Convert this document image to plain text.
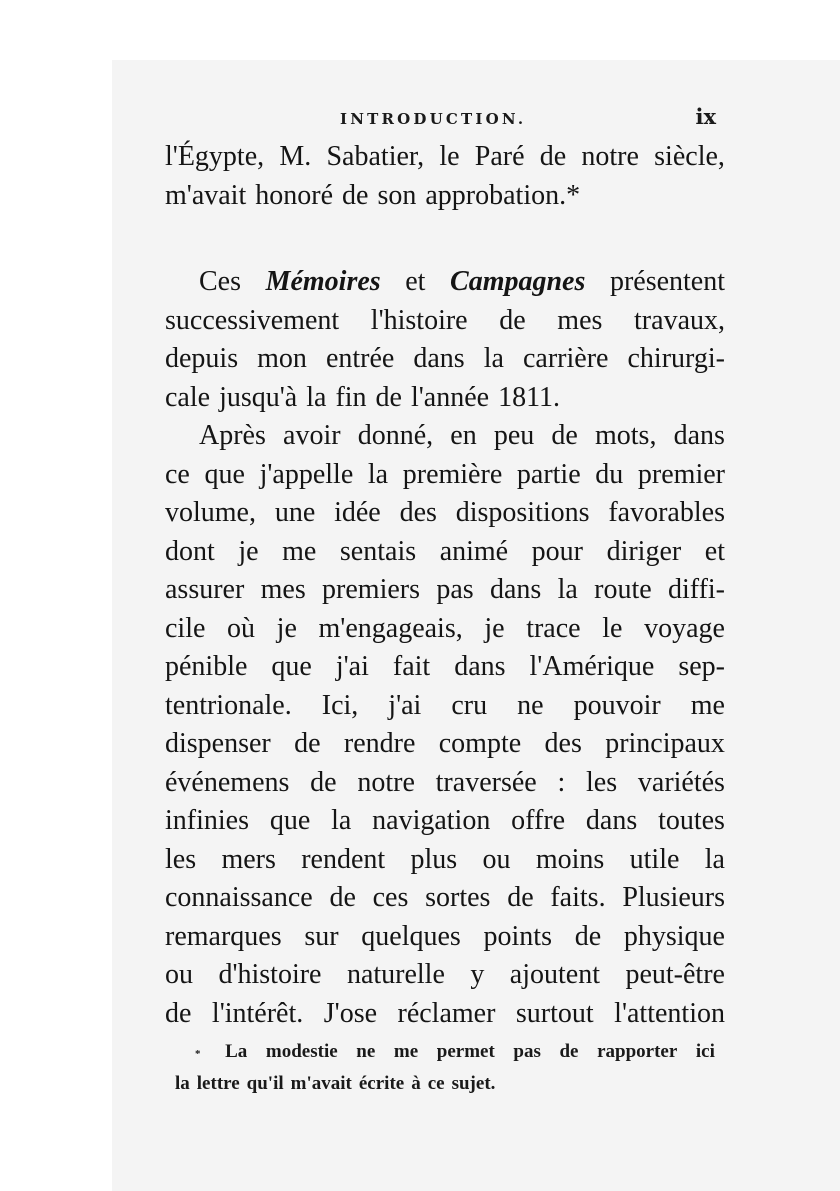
INTRODUCTION.	ix
l'Égypte, M. Sabatier, le Paré de notre siècle,
m'avait honoré de son approbation.*
Ces Mémoires et Campagnes présentent
successivement l'histoire de mes travaux,
depuis mon entrée dans la carrière chirurgi-
cale jusqu'à la fin de l'année 1811.
Après avoir donné, en peu de mots, dans
ce que j'appelle la première partie du premier
volume, une idée des dispositions favorables
dont je me sentais animé pour diriger et
assurer mes premiers pas dans la route diffi-
cile où je m'engageais, je trace le voyage
pénible que j'ai fait dans l'Amérique sep-
tentrionale. Ici, j'ai cru ne pouvoir me
dispenser de rendre compte des principaux
événemens de notre traversée : les variétés
infinies que la navigation offre dans toutes
les mers rendent plus ou moins utile la
connaissance de ces sortes de faits. Plusieurs
remarques sur quelques points de physique
ou d'histoire naturelle y ajoutent peut-être
de l'intérêt. J'ose réclamer surtout l'attention
* La modestie ne me permet pas de rapporter ici
la lettre qu'il m'avait écrite à ce sujet.
